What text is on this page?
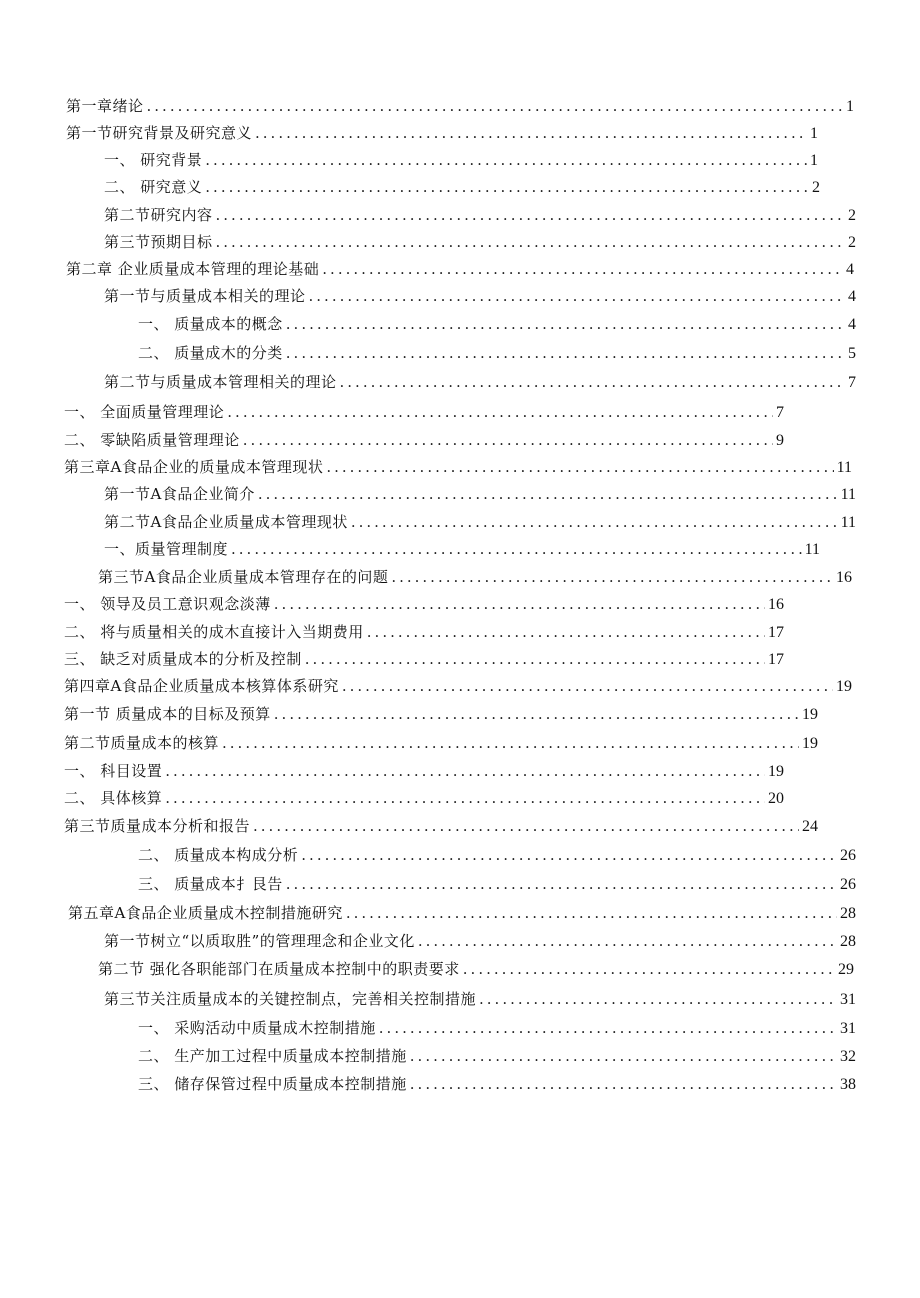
第一章绪论 .....	1
第一节研究背景及研究意义 .....	1
一、 研究背景 .....	1
二、 研究意义 .....	2
第二节研究内容 .....	2
第三节预期目标 .....	2
第二章 企业质量成本管理的理论基础 .....	4
第一节与质量成本相关的理论 .....	4
一、 质量成本的概念 .....	4
二、 质量成木的分类 .....	5
第二节与质量成本管理相关的理论 .....	7
一、 全面质量管理理论 .....	7
二、 零缺陷质量管理理论 .....	9
第三章A食品企业的质量成本管理现状 .....	11
第一节A食品企业简介 .....	11
第二节A食品企业质量成本管理现状 .....	11
一、质量管理制度 .....	11
第三节A食品企业质量成本管理存在的问题 .....	16
一、 领导及员工意识观念淡薄 .....	16
二、 将与质量相关的成木直接计入当期费用 .....	17
三、 缺乏对质量成本的分析及控制 .....	17
第四章A食品企业质量成本核算体系研究 .....	19
第一节 质量成本的目标及预算 .....	19
第二节质量成本的核算 .....	19
一、 科目设置 .....	19
二、 具体核算 .....	20
第三节质量成本分析和报告 .....	24
二、 质量成本构成分析 .....	26
三、 质量成本扌艮告 .....	26
第五章A食品企业质量成木控制措施研究 .....	28
第一节树立“以质取胜”的管理理念和企业文化 .....	28
第二节 强化各职能部门在质量成本控制中的职责要求 .....	29
第三节关注质量成本的关键控制点，完善相关控制措施 .....	31
一、 采购活动中质量成木控制措施 .....	31
二、 生产加工过程中质量成本控制措施 .....	32
三、 储存保管过程中质量成本控制措施 .....	38
